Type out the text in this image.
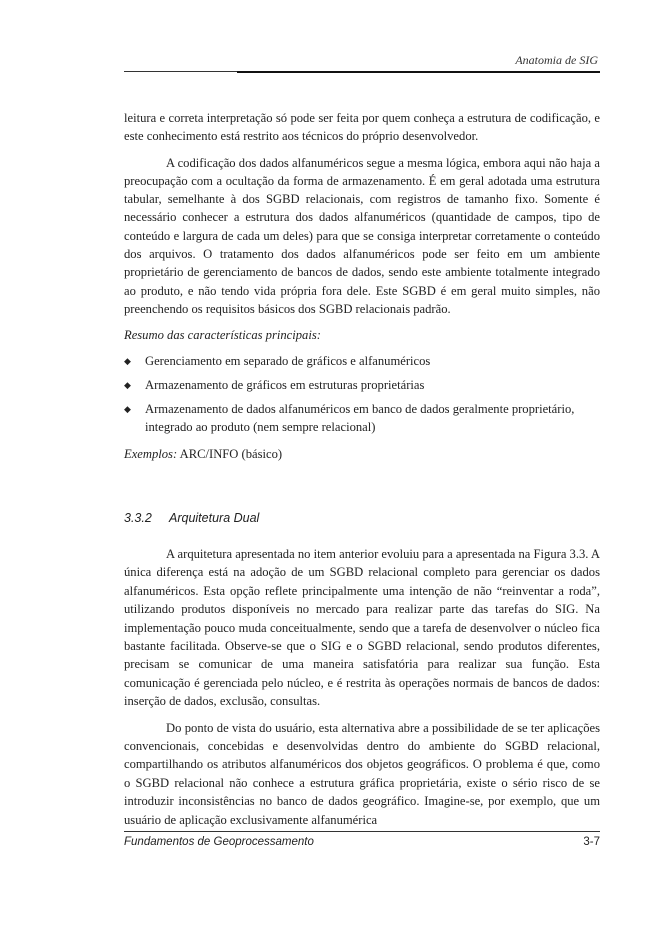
Anatomia de SIG

leitura e correta interpretação só pode ser feita por quem conheça a estrutura de codificação, e este conhecimento está restrito aos técnicos do próprio desenvolvedor.

A codificação dos dados alfanuméricos segue a mesma lógica, embora aqui não haja a preocupação com a ocultação da forma de armazenamento. É em geral adotada uma estrutura tabular, semelhante à dos SGBD relacionais, com registros de tamanho fixo. Somente é necessário conhecer a estrutura dos dados alfanuméricos (quantidade de campos, tipo de conteúdo e largura de cada um deles) para que se consiga interpretar corretamente o conteúdo dos arquivos. O tratamento dos dados alfanuméricos pode ser feito em um ambiente proprietário de gerenciamento de bancos de dados, sendo este ambiente totalmente integrado ao produto, e não tendo vida própria fora dele. Este SGBD é em geral muito simples, não preenchendo os requisitos básicos dos SGBD relacionais padrão.

Resumo das características principais:

◆ Gerenciamento em separado de gráficos e alfanuméricos
◆ Armazenamento de gráficos em estruturas proprietárias
◆ Armazenamento de dados alfanuméricos em banco de dados geralmente proprietário, integrado ao produto (nem sempre relacional)

Exemplos: ARC/INFO (básico)

3.3.2 Arquitetura Dual

A arquitetura apresentada no item anterior evoluiu para a apresentada na Figura 3.3. A única diferença está na adoção de um SGBD relacional completo para gerenciar os dados alfanuméricos. Esta opção reflete principalmente uma intenção de não “reinventar a roda”, utilizando produtos disponíveis no mercado para realizar parte das tarefas do SIG. Na implementação pouco muda conceitualmente, sendo que a tarefa de desenvolver o núcleo fica bastante facilitada. Observe-se que o SIG e o SGBD relacional, sendo produtos diferentes, precisam se comunicar de uma maneira satisfatória para realizar sua função. Esta comunicação é gerenciada pelo núcleo, e é restrita às operações normais de bancos de dados: inserção de dados, exclusão, consultas.

Do ponto de vista do usuário, esta alternativa abre a possibilidade de se ter aplicações convencionais, concebidas e desenvolvidas dentro do ambiente do SGBD relacional, compartilhando os atributos alfanuméricos dos objetos geográficos. O problema é que, como o SGBD relacional não conhece a estrutura gráfica proprietária, existe o sério risco de se introduzir inconsistências no banco de dados geográfico. Imagine-se, por exemplo, que um usuário de aplicação exclusivamente alfanumérica

Fundamentos de Geoprocessamento	3-7
